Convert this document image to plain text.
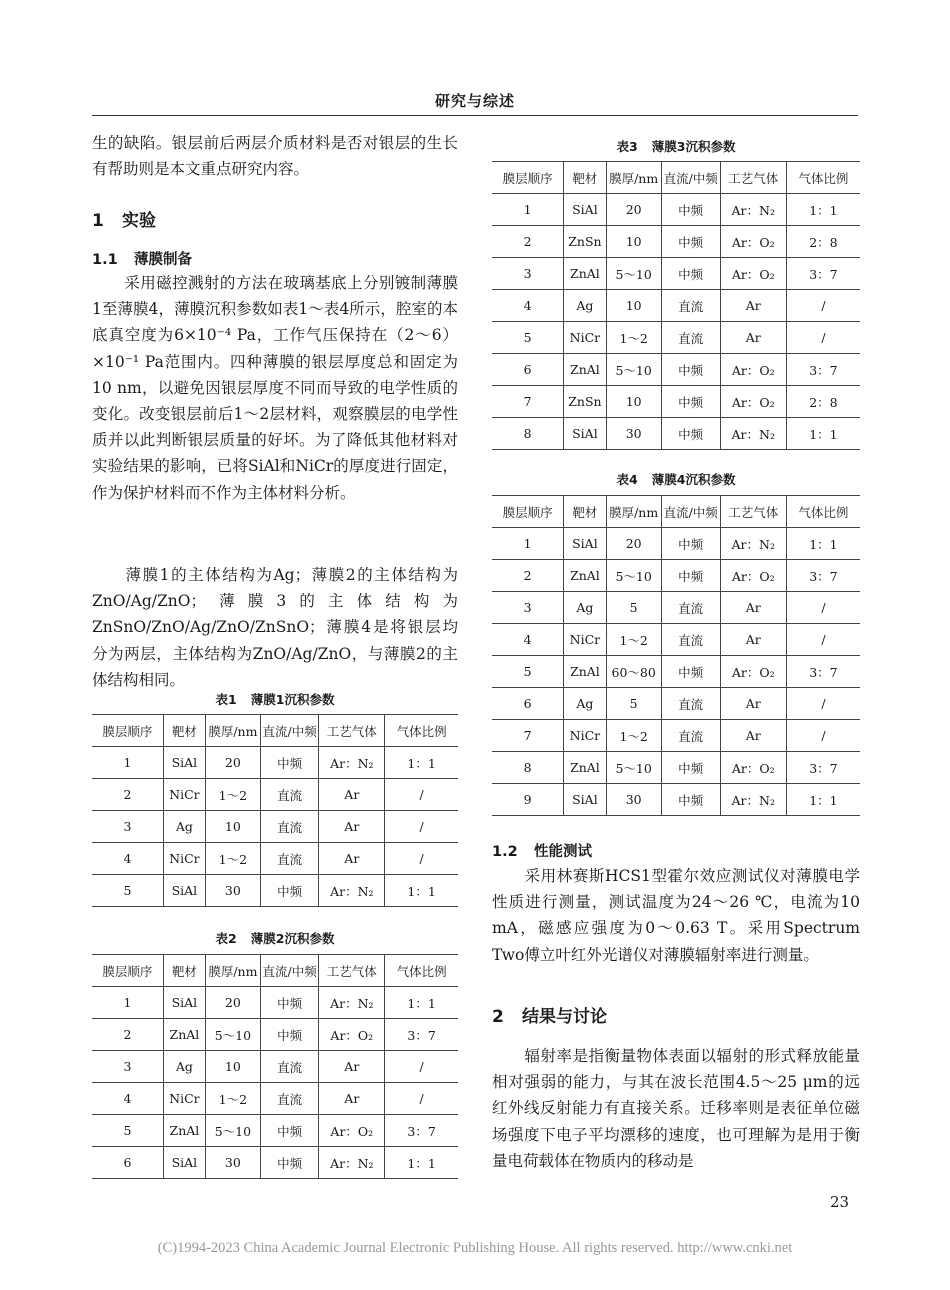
研究与综述

生的缺陷。银层前后两层介质材料是否对银层的生长有帮助则是本文重点研究内容。

1 实验
1.1 薄膜制备

采用磁控溅射的方法在玻璃基底上分别镀制薄膜1至薄膜4，薄膜沉积参数如表1～表4所示，腔室的本底真空度为6×10⁻⁴ Pa，工作气压保持在（2～6）×10⁻¹ Pa范围内。四种薄膜的银层厚度总和固定为10 nm，以避免因银层厚度不同而导致的电学性质的变化。改变银层前后1～2层材料，观察膜层的电学性质并以此判断银层质量的好坏。为了降低其他材料对实验结果的影响，已将SiAl和NiCr的厚度进行固定，作为保护材料而不作为主体材料分析。

薄膜1的主体结构为Ag；薄膜2的主体结构为ZnO/Ag/ZnO；薄膜3的主体结构为ZnSnO/ZnO/Ag/ZnO/ZnSnO；薄膜4是将银层均分为两层，主体结构为ZnO/Ag/ZnO，与薄膜2的主体结构相同。

表1 薄膜1沉积参数
膜层顺序	靶材	膜厚/nm	直流/中频	工艺气体	气体比例
1	SiAl	20	中频	Ar：N₂	1：1
2	NiCr	1～2	直流	Ar	/
3	Ag	10	直流	Ar	/
4	NiCr	1～2	直流	Ar	/
5	SiAl	30	中频	Ar：N₂	1：1
表2 薄膜2沉积参数
膜层顺序	靶材	膜厚/nm	直流/中频	工艺气体	气体比例
1	SiAl	20	中频	Ar：N₂	1：1
2	ZnAl	5～10	中频	Ar：O₂	3：7
3	Ag	10	直流	Ar	/
4	NiCr	1～2	直流	Ar	/
5	ZnAl	5～10	中频	Ar：O₂	3：7
6	SiAl	30	中频	Ar：N₂	1：1
表3 薄膜3沉积参数
膜层顺序	靶材	膜厚/nm	直流/中频	工艺气体	气体比例
1	SiAl	20	中频	Ar：N₂	1：1
2	ZnSn	10	中频	Ar：O₂	2：8
3	ZnAl	5～10	中频	Ar：O₂	3：7
4	Ag	10	直流	Ar	/
5	NiCr	1～2	直流	Ar	/
6	ZnAl	5～10	中频	Ar：O₂	3：7
7	ZnSn	10	中频	Ar：O₂	2：8
8	SiAl	30	中频	Ar：N₂	1：1
表4 薄膜4沉积参数
膜层顺序	靶材	膜厚/nm	直流/中频	工艺气体	气体比例
1	SiAl	20	中频	Ar：N₂	1：1
2	ZnAl	5～10	中频	Ar：O₂	3：7
3	Ag	5	直流	Ar	/
4	NiCr	1～2	直流	Ar	/
5	ZnAl	60～80	中频	Ar：O₂	3：7
6	Ag	5	直流	Ar	/
7	NiCr	1～2	直流	Ar	/
8	ZnAl	5～10	中频	Ar：O₂	3：7
9	SiAl	30	中频	Ar：N₂	1：1
1.2 性能测试

采用林赛斯HCS1型霍尔效应测试仪对薄膜电学性质进行测量，测试温度为24～26 ℃，电流为10 mA，磁感应强度为0～0.63 T。采用Spectrum Two傅立叶红外光谱仪对薄膜辐射率进行测量。

2 结果与讨论

辐射率是指衡量物体表面以辐射的形式释放能量相对强弱的能力，与其在波长范围4.5～25 μm的远红外线反射能力有直接关系。迁移率则是表征单位磁场强度下电子平均漂移的速度，也可理解为是用于衡量电荷载体在物质内的移动是

23
(C)1994-2023 China Academic Journal Electronic Publishing House. All rights reserved. http://www.cnki.net
